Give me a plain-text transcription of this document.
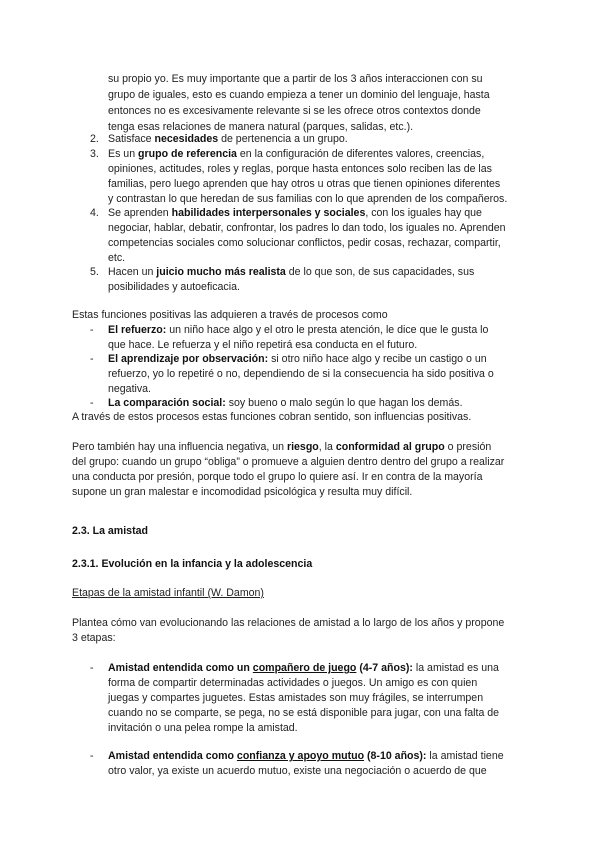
su propio yo. Es muy importante que a partir de los 3 años interaccionen con su
grupo de iguales, esto es cuando empieza a tener un dominio del lenguaje, hasta
entonces no es excesivamente relevante si se les ofrece otros contextos donde
tenga esas relaciones de manera natural (parques, salidas, etc.).
2. Satisface necesidades de pertenencia a un grupo.
3. Es un grupo de referencia en la configuración de diferentes valores, creencias,
opiniones, actitudes, roles y reglas, porque hasta entonces solo reciben las de las
familias, pero luego aprenden que hay otros u otras que tienen opiniones diferentes
y contrastan lo que heredan de sus familias con lo que aprenden de los compañeros.
4. Se aprenden habilidades interpersonales y sociales, con los iguales hay que
negociar, hablar, debatir, confrontar, los padres lo dan todo, los iguales no. Aprenden
competencias sociales como solucionar conflictos, pedir cosas, rechazar, compartir,
etc.
5. Hacen un juicio mucho más realista de lo que son, de sus capacidades, sus
posibilidades y autoeficacia.
Estas funciones positivas las adquieren a través de procesos como
- El refuerzo: un niño hace algo y el otro le presta atención, le dice que le gusta lo
que hace. Le refuerza y el niño repetirá esa conducta en el futuro.
- El aprendizaje por observación: si otro niño hace algo y recibe un castigo o un
refuerzo, yo lo repetiré o no, dependiendo de si la consecuencia ha sido positiva o
negativa.
- La comparación social: soy bueno o malo según lo que hagan los demás.
A través de estos procesos estas funciones cobran sentido, son influencias positivas.
Pero también hay una influencia negativa, un riesgo, la conformidad al grupo o presión
del grupo: cuando un grupo “obliga” o promueve a alguien dentro dentro del grupo a realizar
una conducta por presión, porque todo el grupo lo quiere así. Ir en contra de la mayoría
supone un gran malestar e incomodidad psicológica y resulta muy difícil.
2.3. La amistad
2.3.1. Evolución en la infancia y la adolescencia
Etapas de la amistad infantil (W. Damon)
Plantea cómo van evolucionando las relaciones de amistad a lo largo de los años y propone
3 etapas:
- Amistad entendida como un compañero de juego (4-7 años): la amistad es una
forma de compartir determinadas actividades o juegos. Un amigo es con quien
juegas y compartes juguetes. Estas amistades son muy frágiles, se interrumpen
cuando no se comparte, se pega, no se está disponible para jugar, con una falta de
invitación o una pelea rompe la amistad.
- Amistad entendida como confianza y apoyo mutuo (8-10 años): la amistad tiene
otro valor, ya existe un acuerdo mutuo, existe una negociación o acuerdo de que
